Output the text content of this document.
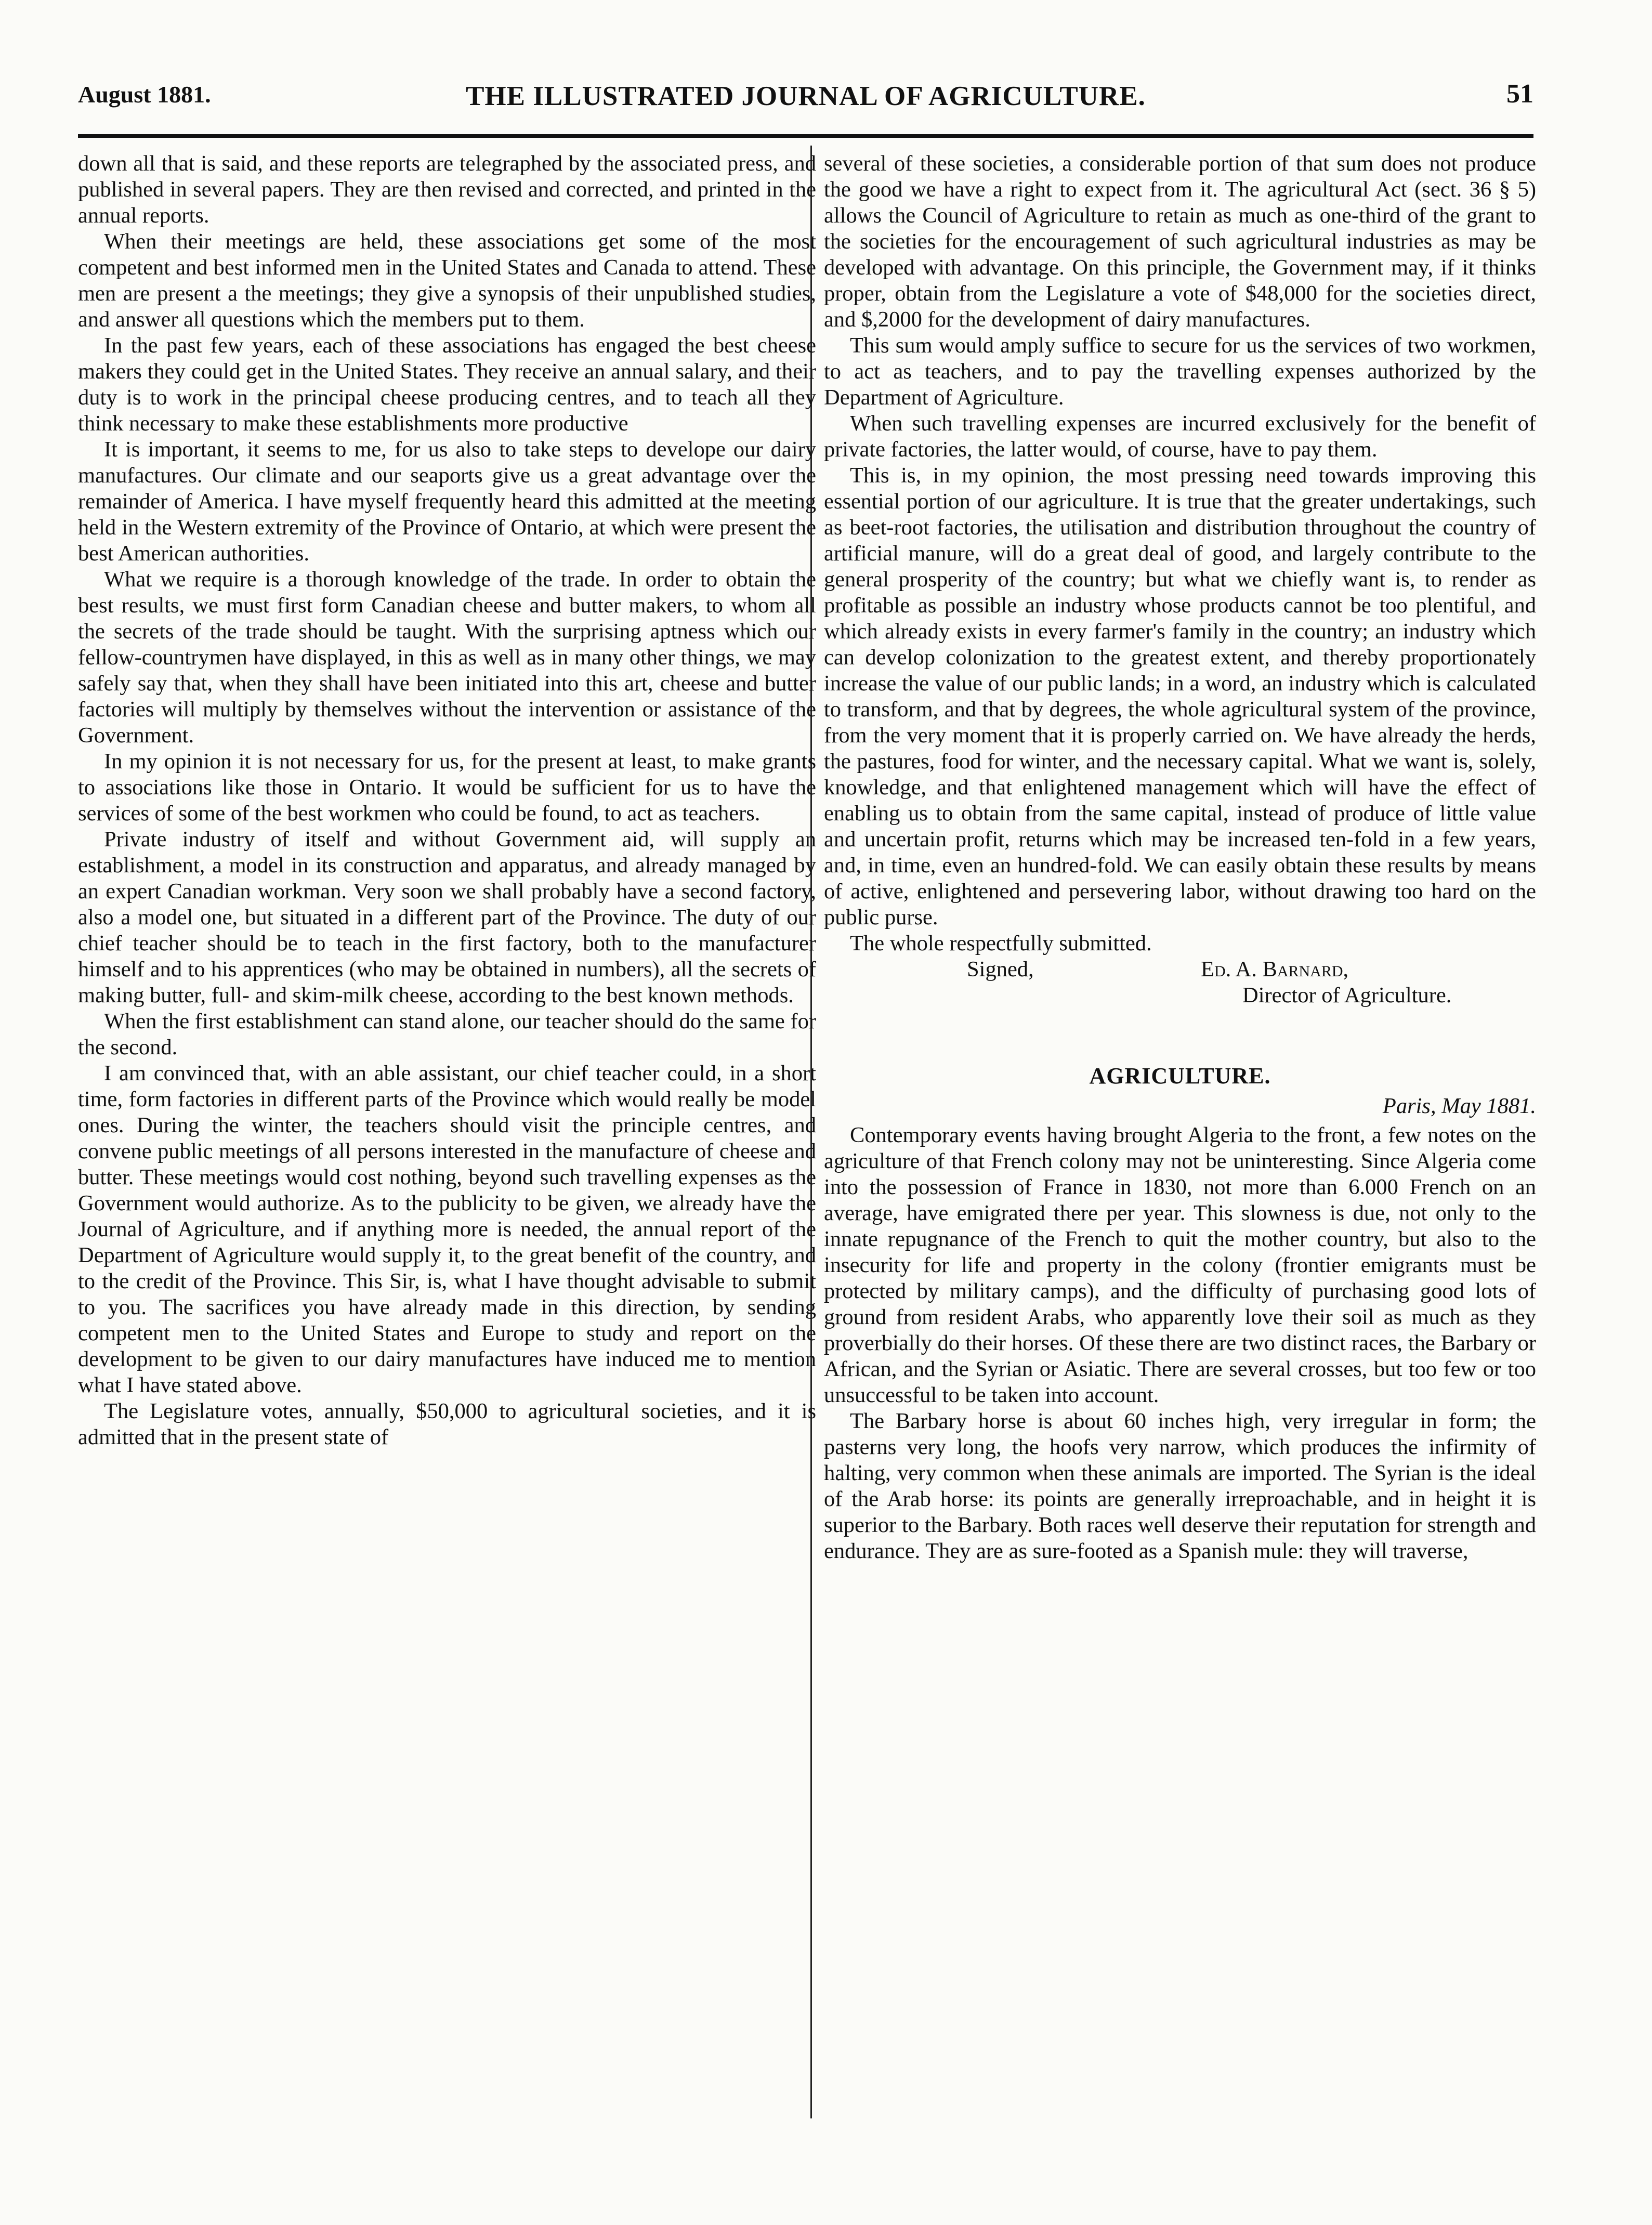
August 1881.	THE ILLUSTRATED JOURNAL OF AGRICULTURE.	51

down all that is said, and these reports are telegraphed by the associated press, and published in several papers. They are then revised and corrected, and printed in the annual reports.

When their meetings are held, these associations get some of the most competent and best informed men in the United States and Canada to attend. These men are present a the meetings; they give a synopsis of their unpublished studies, and answer all questions which the members put to them.

In the past few years, each of these associations has engaged the best cheese makers they could get in the United States. They receive an annual salary, and their duty is to work in the principal cheese producing centres, and to teach all they think necessary to make these establishments more productive

It is important, it seems to me, for us also to take steps to develope our dairy manufactures. Our climate and our seaports give us a great advantage over the remainder of America. I have myself frequently heard this admitted at the meeting held in the Western extremity of the Province of Ontario, at which were present the best American authorities.

What we require is a thorough knowledge of the trade. In order to obtain the best results, we must first form Canadian cheese and butter makers, to whom all the secrets of the trade should be taught. With the surprising aptness which our fellow-countrymen have displayed, in this as well as in many other things, we may safely say that, when they shall have been initiated into this art, cheese and butter factories will multiply by themselves without the intervention or assistance of the Government.

In my opinion it is not necessary for us, for the present at least, to make grants to associations like those in Ontario. It would be sufficient for us to have the services of some of the best workmen who could be found, to act as teachers.

Private industry of itself and without Government aid, will supply an establishment, a model in its construction and apparatus, and already managed by an expert Canadian workman. Very soon we shall probably have a second factory, also a model one, but situated in a different part of the Province. The duty of our chief teacher should be to teach in the first factory, both to the manufacturer himself and to his apprentices (who may be obtained in numbers), all the secrets of making butter, full- and skim-milk cheese, according to the best known methods.

When the first establishment can stand alone, our teacher should do the same for the second.

I am convinced that, with an able assistant, our chief teacher could, in a short time, form factories in different parts of the Province which would really be model ones. During the winter, the teachers should visit the principle centres, and convene public meetings of all persons interested in the manufacture of cheese and butter. These meetings would cost nothing, beyond such travelling expenses as the Government would authorize. As to the publicity to be given, we already have the Journal of Agriculture, and if anything more is needed, the annual report of the Department of Agriculture would supply it, to the great benefit of the country, and to the credit of the Province. This Sir, is, what I have thought advisable to submit to you. The sacrifices you have already made in this direction, by sending competent men to the United States and Europe to study and report on the development to be given to our dairy manufactures have induced me to mention what I have stated above.

The Legislature votes, annually, $50,000 to agricultural societies, and it is admitted that in the present state of

several of these societies, a considerable portion of that sum does not produce the good we have a right to expect from it. The agricultural Act (sect. 36 § 5) allows the Council of Agriculture to retain as much as one-third of the grant to the societies for the encouragement of such agricultural industries as may be developed with advantage. On this principle, the Government may, if it thinks proper, obtain from the Legislature a vote of $48,000 for the societies direct, and $,2000 for the development of dairy manufactures.

This sum would amply suffice to secure for us the services of two workmen, to act as teachers, and to pay the travelling expenses authorized by the Department of Agriculture.

When such travelling expenses are incurred exclusively for the benefit of private factories, the latter would, of course, have to pay them.

This is, in my opinion, the most pressing need towards improving this essential portion of our agriculture. It is true that the greater undertakings, such as beet-root factories, the utilisation and distribution throughout the country of artificial manure, will do a great deal of good, and largely contribute to the general prosperity of the country; but what we chiefly want is, to render as profitable as possible an industry whose products cannot be too plentiful, and which already exists in every farmer's family in the country; an industry which can develop colonization to the greatest extent, and thereby proportionately increase the value of our public lands; in a word, an industry which is calculated to transform, and that by degrees, the whole agricultural system of the province, from the very moment that it is properly carried on. We have already the herds, the pastures, food for winter, and the necessary capital. What we want is, solely, knowledge, and that enlightened management which will have the effect of enabling us to obtain from the same capital, instead of produce of little value and uncertain profit, returns which may be increased ten-fold in a few years, and, in time, even an hundred-fold. We can easily obtain these results by means of active, enlightened and persevering labor, without drawing too hard on the public purse.

The whole respectfully submitted.

Signed,	Ed. A. Barnard,
Director of Agriculture.
AGRICULTURE.
Paris, May 1881.

Contemporary events having brought Algeria to the front, a few notes on the agriculture of that French colony may not be uninteresting. Since Algeria come into the possession of France in 1830, not more than 6.000 French on an average, have emigrated there per year. This slowness is due, not only to the innate repugnance of the French to quit the mother country, but also to the insecurity for life and property in the colony (frontier emigrants must be protected by military camps), and the difficulty of purchasing good lots of ground from resident Arabs, who apparently love their soil as much as they proverbially do their horses. Of these there are two distinct races, the Barbary or African, and the Syrian or Asiatic. There are several crosses, but too few or too unsuccessful to be taken into account.

The Barbary horse is about 60 inches high, very irregular in form; the pasterns very long, the hoofs very narrow, which produces the infirmity of halting, very common when these animals are imported. The Syrian is the ideal of the Arab horse: its points are generally irreproachable, and in height it is superior to the Barbary. Both races well deserve their reputation for strength and endurance. They are as sure-footed as a Spanish mule: they will traverse,
